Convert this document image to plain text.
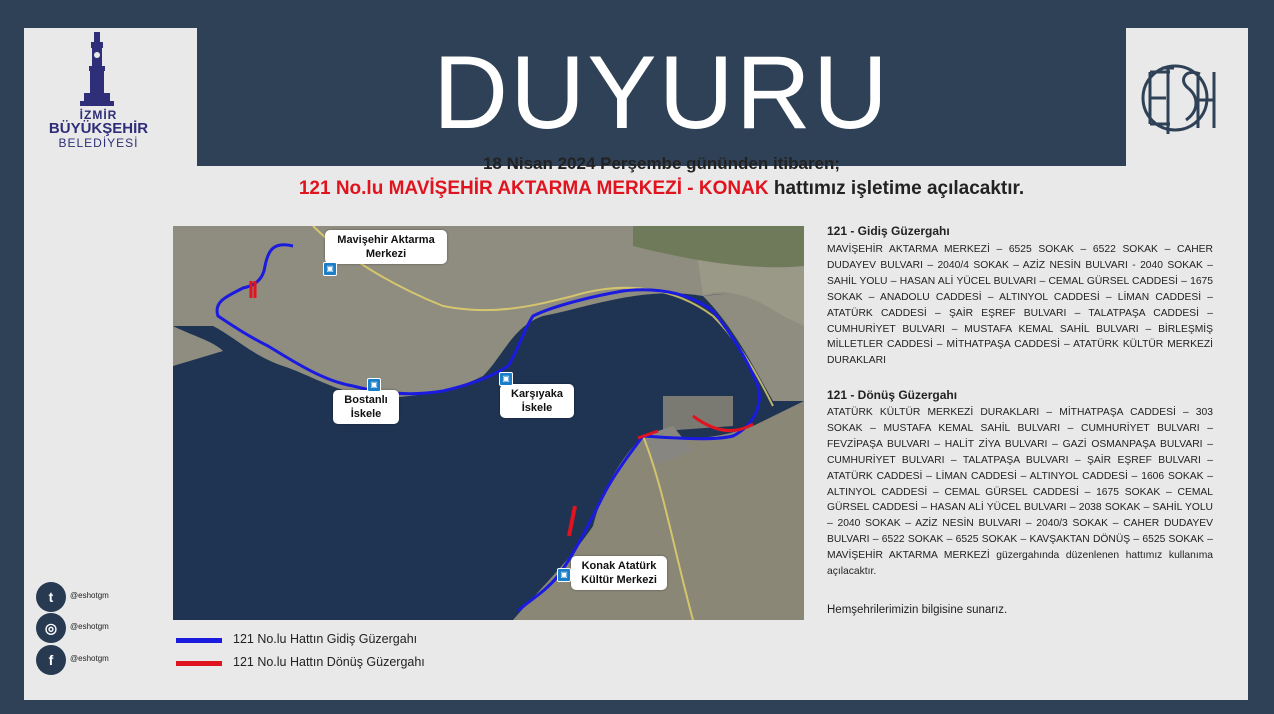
İZMİR
BÜYÜKŞEHİR
BELEDİYESİ	DUYURU
18 Nisan 2024 Perşembe gününden itibaren;
121 No.lu MAVİŞEHİR AKTARMA MERKEZİ - KONAK hattımız işletime açılacaktır.
Mavişehir Aktarma Merkezi
Bostanlı İskele
Karşıyaka İskele
Konak Atatürk Kültür Merkezi
▣
▣
▣
▣
121 No.lu Hattın Gidiş Güzergahı
121 No.lu Hattın Dönüş Güzergahı
t	@eshotgm
◎	@eshotgm
f	@eshotgm
121 - Gidiş Güzergahı
MAVİŞEHİR AKTARMA MERKEZİ – 6525 SOKAK – 6522 SOKAK – CAHER DUDAYEV BULVARI – 2040/4 SOKAK – AZİZ NESİN BULVARI - 2040 SOKAK – SAHİL YOLU – HASAN ALİ YÜCEL BULVARI – CEMAL GÜRSEL CADDESİ – 1675 SOKAK – ANADOLU CADDESİ – ALTINYOL CADDESİ – LİMAN CADDESİ – ATATÜRK CADDESİ – ŞAİR EŞREF BULVARI – TALATPAŞA CADDESİ – CUMHURİYET BULVARI – MUSTAFA KEMAL SAHİL BULVARI – BİRLEŞMİŞ MİLLETLER CADDESİ – MİTHATPAŞA CADDESİ – ATATÜRK KÜLTÜR MERKEZİ DURAKLARI
121 - Dönüş Güzergahı
ATATÜRK KÜLTÜR MERKEZİ DURAKLARI – MİTHATPAŞA CADDESİ – 303 SOKAK – MUSTAFA KEMAL SAHİL BULVARI – CUMHURİYET BULVARI – FEVZİPAŞA BULVARI – HALİT ZİYA BULVARI – GAZİ OSMANPAŞA BULVARI – CUMHURİYET BULVARI – TALATPAŞA BULVARI – ŞAİR EŞREF BULVARI – ATATÜRK CADDESİ – LİMAN CADDESİ – ALTINYOL CADDESİ – 1606 SOKAK – ALTINYOL CADDESİ – CEMAL GÜRSEL CADDESİ – 1675 SOKAK – CEMAL GÜRSEL CADDESİ – HASAN ALİ YÜCEL BULVARI – 2038 SOKAK – SAHİL YOLU – 2040 SOKAK – AZİZ NESİN BULVARI – 2040/3 SOKAK – CAHER DUDAYEV BULVARI – 6522 SOKAK – 6525 SOKAK – KAVŞAKTAN DÖNÜŞ – 6525 SOKAK – MAVİŞEHİR AKTARMA MERKEZİ güzergahında düzenlenen hattımız kullanıma açılacaktır.
Hemşehrilerimizin bilgisine sunarız.
